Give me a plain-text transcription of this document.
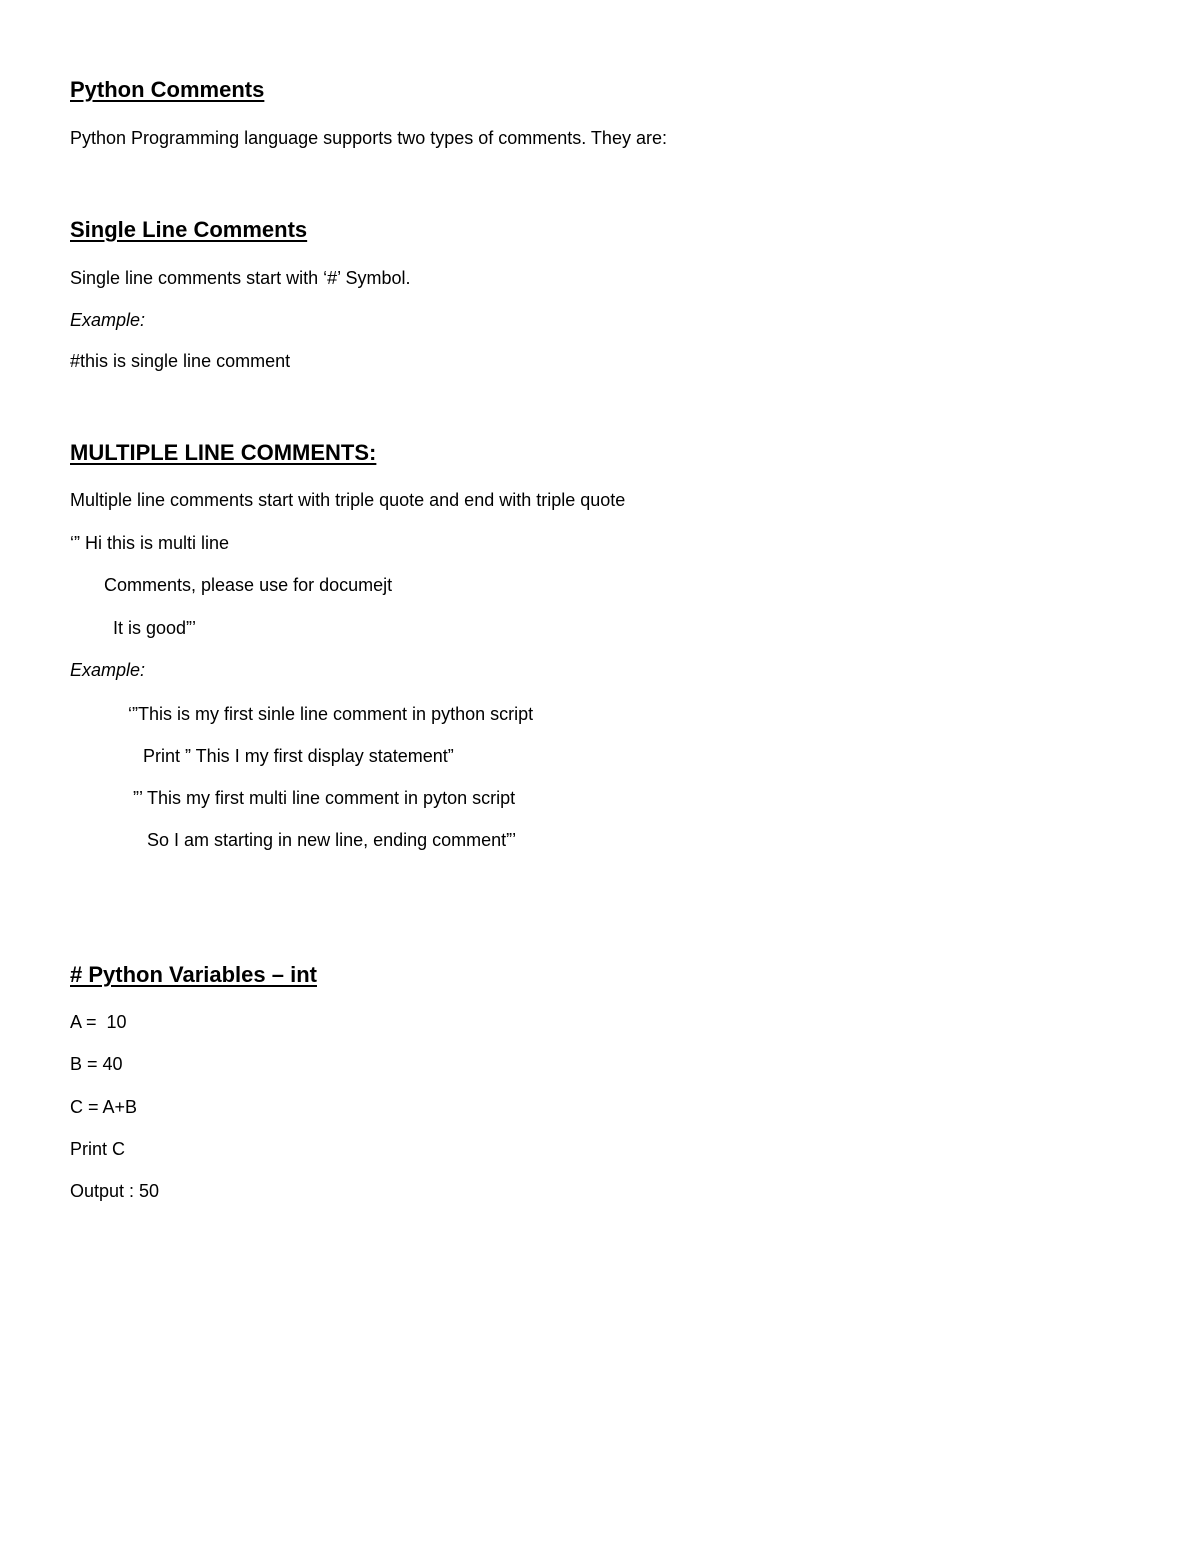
Python Comments
Python Programming language supports two types of comments. They are:
Single Line Comments
Single line comments start with ‘#’ Symbol.
Example:
#this is single line comment
MULTIPLE LINE COMMENTS:
Multiple line comments start with triple quote and end with triple quote
‘” Hi this is multi line
Comments, please use for documejt
It is good”’
Example:
‘”This is my first sinle line comment in python script
Print ” This I my first display statement”
”’ This my first multi line comment in pyton script
So I am starting in new line, ending comment”’
# Python Variables – int
A =  10
B = 40
C = A+B
Print C
Output : 50
